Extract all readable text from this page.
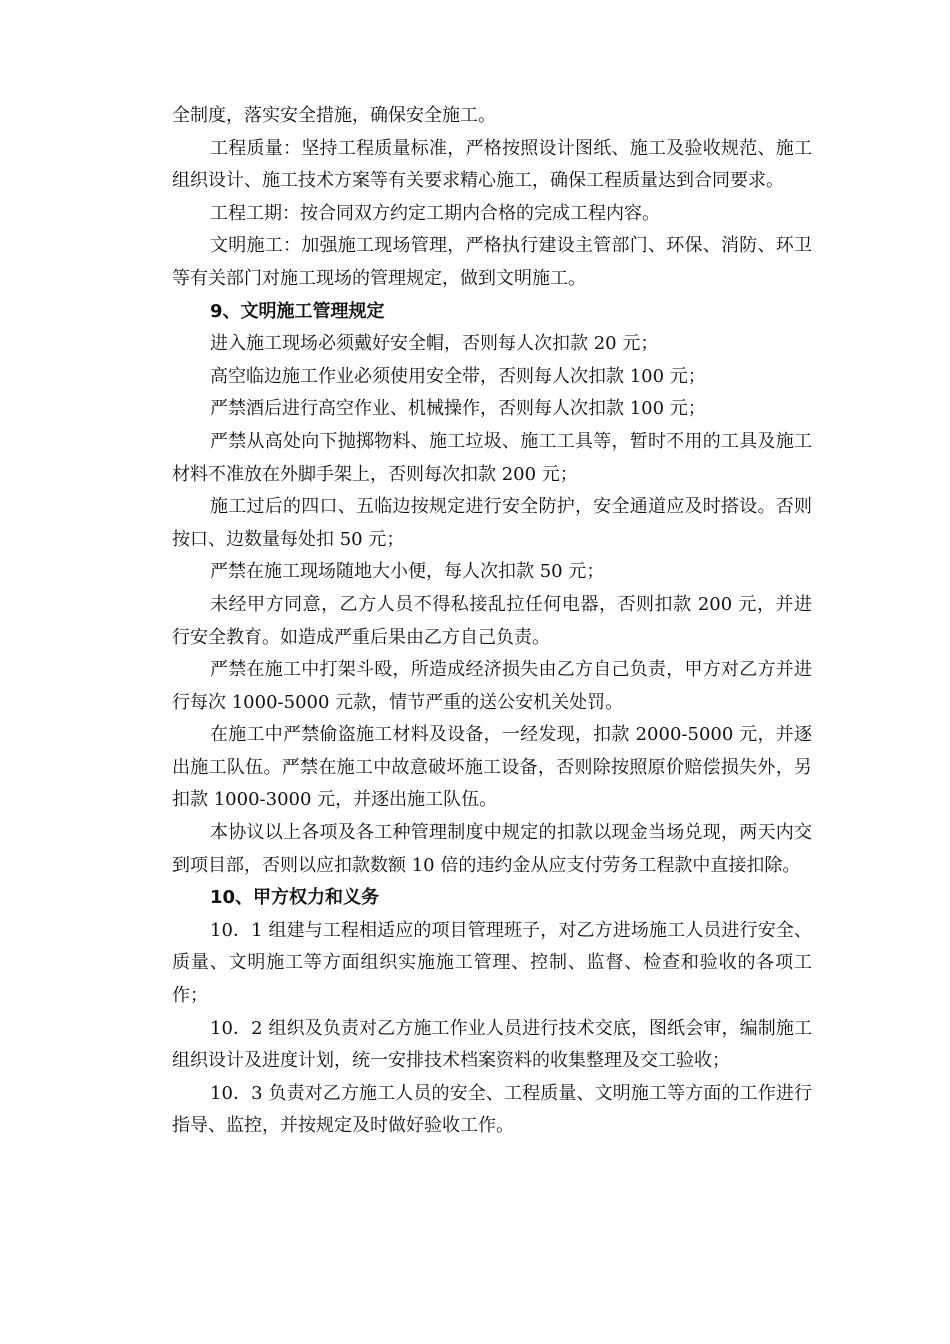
全制度，落实安全措施，确保安全施工。

工程质量：坚持工程质量标准，严格按照设计图纸、施工及验收规范、施工组织设计、施工技术方案等有关要求精心施工，确保工程质量达到合同要求。

工程工期：按合同双方约定工期内合格的完成工程内容。

文明施工：加强施工现场管理，严格执行建设主管部门、环保、消防、环卫等有关部门对施工现场的管理规定，做到文明施工。

9、文明施工管理规定

进入施工现场必须戴好安全帽，否则每人次扣款 20 元；

高空临边施工作业必须使用安全带，否则每人次扣款 100 元；

严禁酒后进行高空作业、机械操作，否则每人次扣款 100 元；

严禁从高处向下抛掷物料、施工垃圾、施工工具等，暂时不用的工具及施工材料不准放在外脚手架上，否则每次扣款 200 元；

施工过后的四口、五临边按规定进行安全防护，安全通道应及时搭设。否则按口、边数量每处扣 50 元；

严禁在施工现场随地大小便，每人次扣款 50 元；

未经甲方同意，乙方人员不得私接乱拉任何电器，否则扣款 200 元，并进行安全教育。如造成严重后果由乙方自己负责。

严禁在施工中打架斗殴，所造成经济损失由乙方自己负责，甲方对乙方并进行每次 1000-5000 元款，情节严重的送公安机关处罚。

在施工中严禁偷盗施工材料及设备，一经发现，扣款 2000-5000 元，并逐出施工队伍。严禁在施工中故意破坏施工设备，否则除按照原价赔偿损失外，另扣款 1000-3000 元，并逐出施工队伍。

本协议以上各项及各工种管理制度中规定的扣款以现金当场兑现，两天内交到项目部，否则以应扣款数额 10 倍的违约金从应支付劳务工程款中直接扣除。

10、甲方权力和义务

10．1 组建与工程相适应的项目管理班子，对乙方进场施工人员进行安全、质量、文明施工等方面组织实施施工管理、控制、监督、检查和验收的各项工作；

10．2 组织及负责对乙方施工作业人员进行技术交底，图纸会审，编制施工组织设计及进度计划，统一安排技术档案资料的收集整理及交工验收；

10．3 负责对乙方施工人员的安全、工程质量、文明施工等方面的工作进行指导、监控，并按规定及时做好验收工作。
